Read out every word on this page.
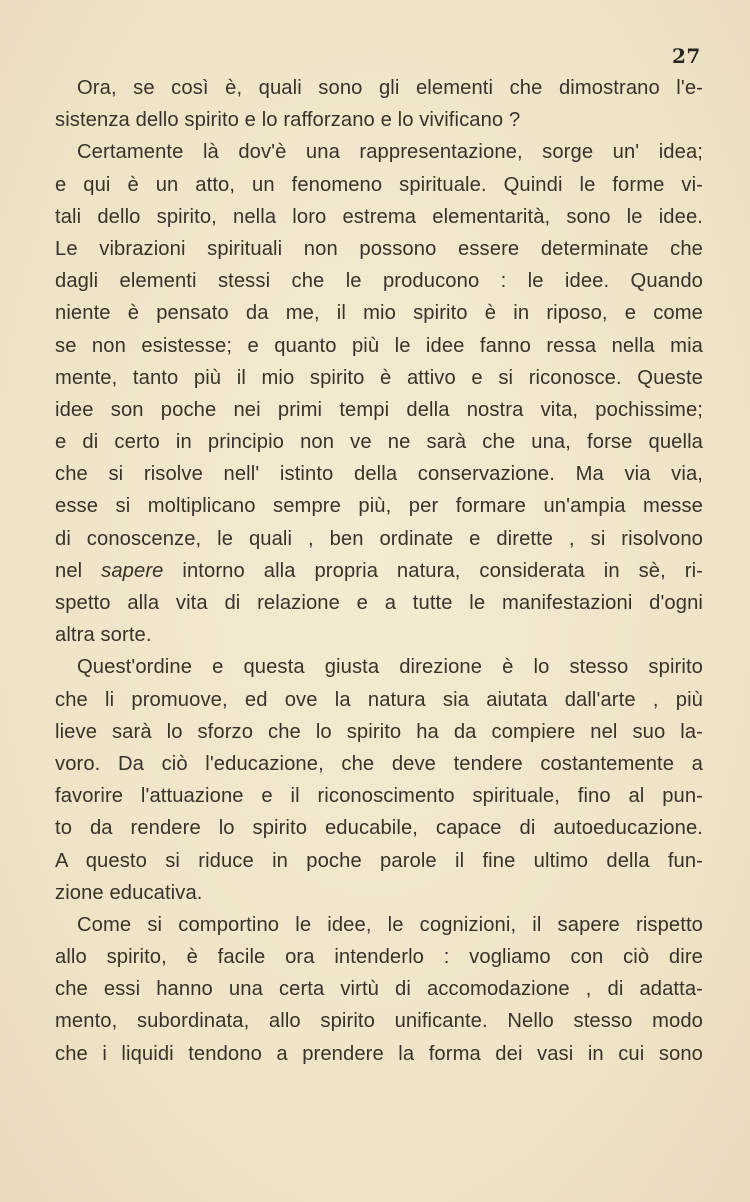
27
Ora, se così è, quali sono gli elementi che dimostrano l'e-
sistenza dello spirito e lo rafforzano e lo vivificano ?
Certamente là dov'è una rappresentazione, sorge un' idea;
e qui è un atto, un fenomeno spirituale. Quindi le forme vi-
tali dello spirito, nella loro estrema elementarità, sono le idee.
Le vibrazioni spirituali non possono essere determinate che
dagli elementi stessi che le producono : le idee. Quando
niente è pensato da me, il mio spirito è in riposo, e come
se non esistesse; e quanto più le idee fanno ressa nella mia
mente, tanto più il mio spirito è attivo e si riconosce. Queste
idee son poche nei primi tempi della nostra vita, pochissime;
e di certo in principio non ve ne sarà che una, forse quella
che si risolve nell' istinto della conservazione. Ma via via,
esse si moltiplicano sempre più, per formare un'ampia messe
di conoscenze, le quali , ben ordinate e dirette , si risolvono
nel sapere intorno alla propria natura, considerata in sè, ri-
spetto alla vita di relazione e a tutte le manifestazioni d'ogni
altra sorte.
Quest'ordine e questa giusta direzione è lo stesso spirito
che li promuove, ed ove la natura sia aiutata dall'arte , più
lieve sarà lo sforzo che lo spirito ha da compiere nel suo la-
voro. Da ciò l'educazione, che deve tendere costantemente a
favorire l'attuazione e il riconoscimento spirituale, fino al pun-
to da rendere lo spirito educabile, capace di autoeducazione.
A questo si riduce in poche parole il fine ultimo della fun-
zione educativa.
Come si comportino le idee, le cognizioni, il sapere rispetto
allo spirito, è facile ora intenderlo : vogliamo con ciò dire
che essi hanno una certa virtù di accomodazione , di adatta-
mento, subordinata, allo spirito unificante. Nello stesso modo
che i liquidi tendono a prendere la forma dei vasi in cui sono
